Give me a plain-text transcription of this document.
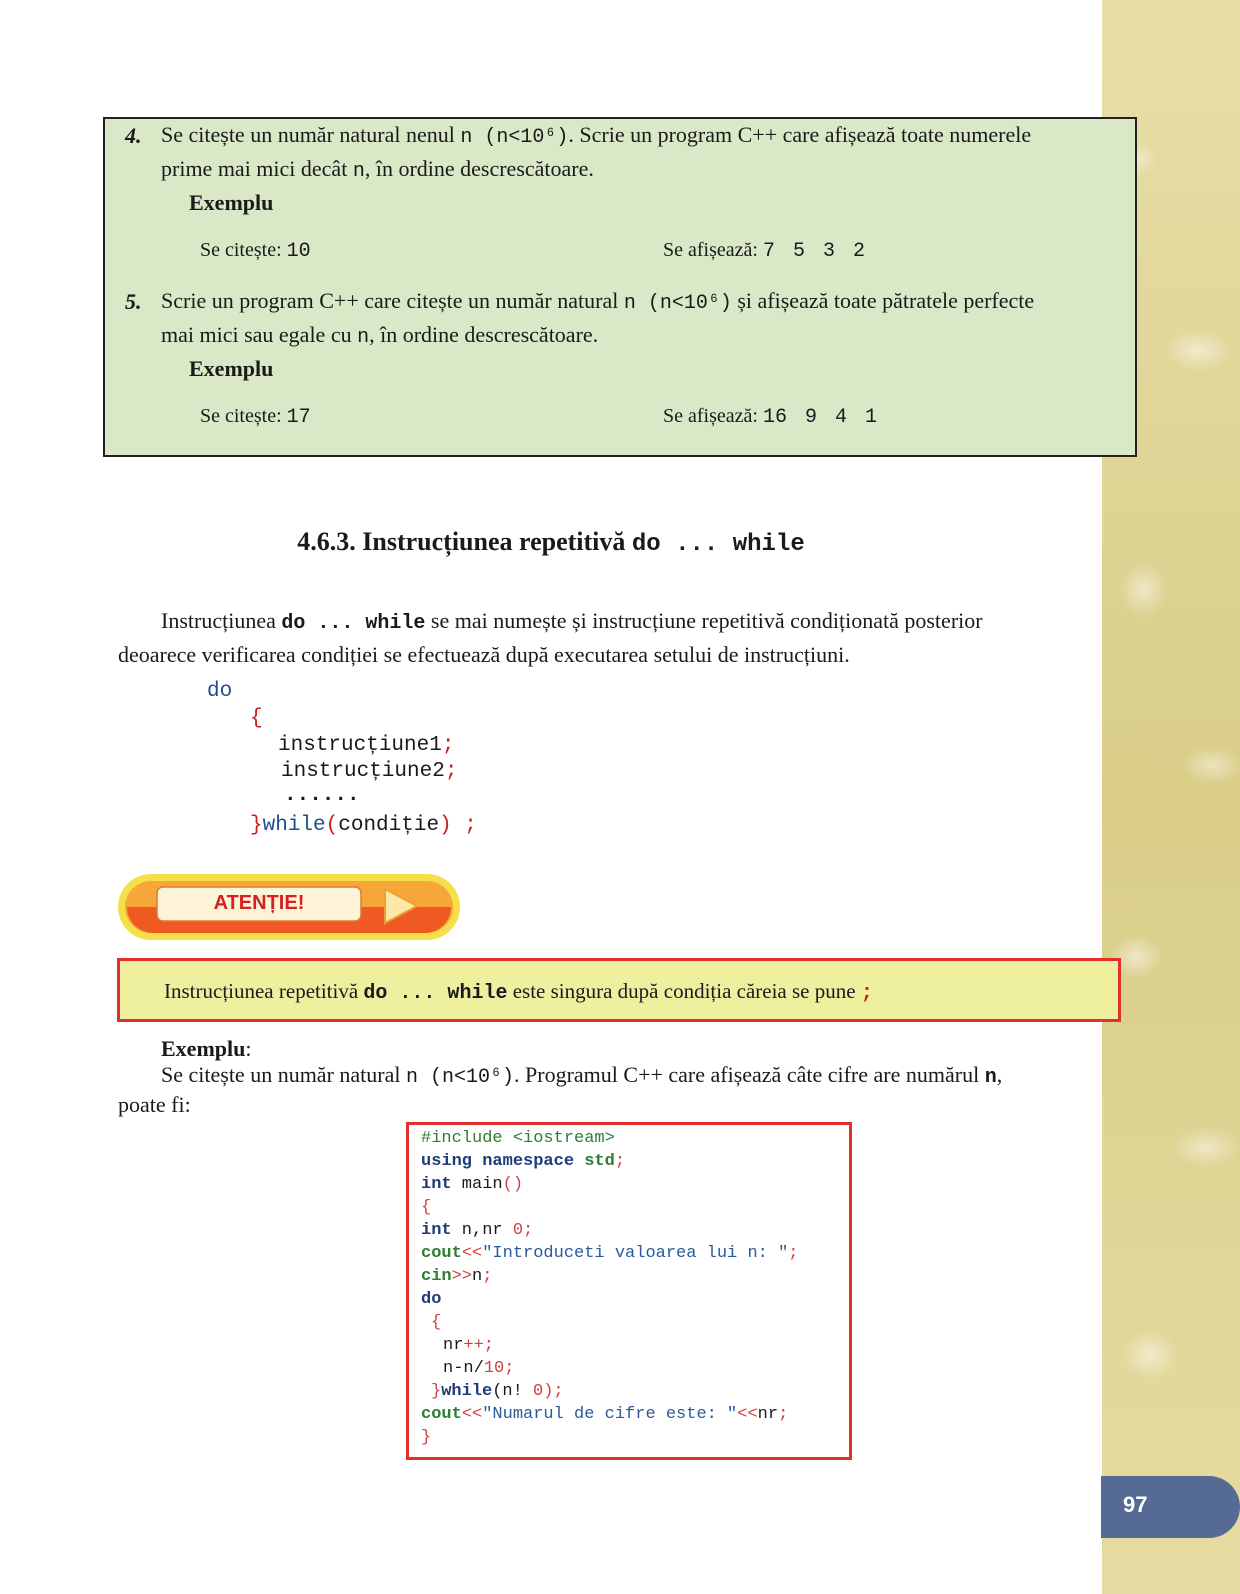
4. Se citește un număr natural nenul n (n<10⁶). Scrie un program C++ care afișează toate numerele
prime mai mici decât n, în ordine descrescătoare.
Exemplu
Se citește: 10	Se afișează: 7 5 3 2
5. Scrie un program C++ care citește un număr natural n (n<10⁶) și afișează toate pătratele perfecte
mai mici sau egale cu n, în ordine descrescătoare.
Exemplu
Se citește: 17	Se afișează: 16 9 4 1
4.6.3. Instrucțiunea repetitivă do ... while
Instrucțiunea do ... while se mai numește și instrucțiune repetitivă condiționată posterior
deoarece verificarea condiției se efectuează după executarea setului de instrucțiuni.
do
{
instrucțiune1;
instrucțiune2;
......
}while(condiție) ;
ATENȚIE!
Instrucțiunea repetitivă do ... while este singura după condiția căreia se pune ;
Exemplu:
Se citește un număr natural n (n<10⁶). Programul C++ care afișează câte cifre are numărul n,
poate fi:
#include <iostream>
using namespace std;
int main()
{
int n,nr 0;
cout<<"Introduceti valoarea lui n: ";
cin>>n;
do
{
nr++;
n-n/10;
}while(n! 0);
cout<<"Numarul de cifre este: "<<nr;
}
97
